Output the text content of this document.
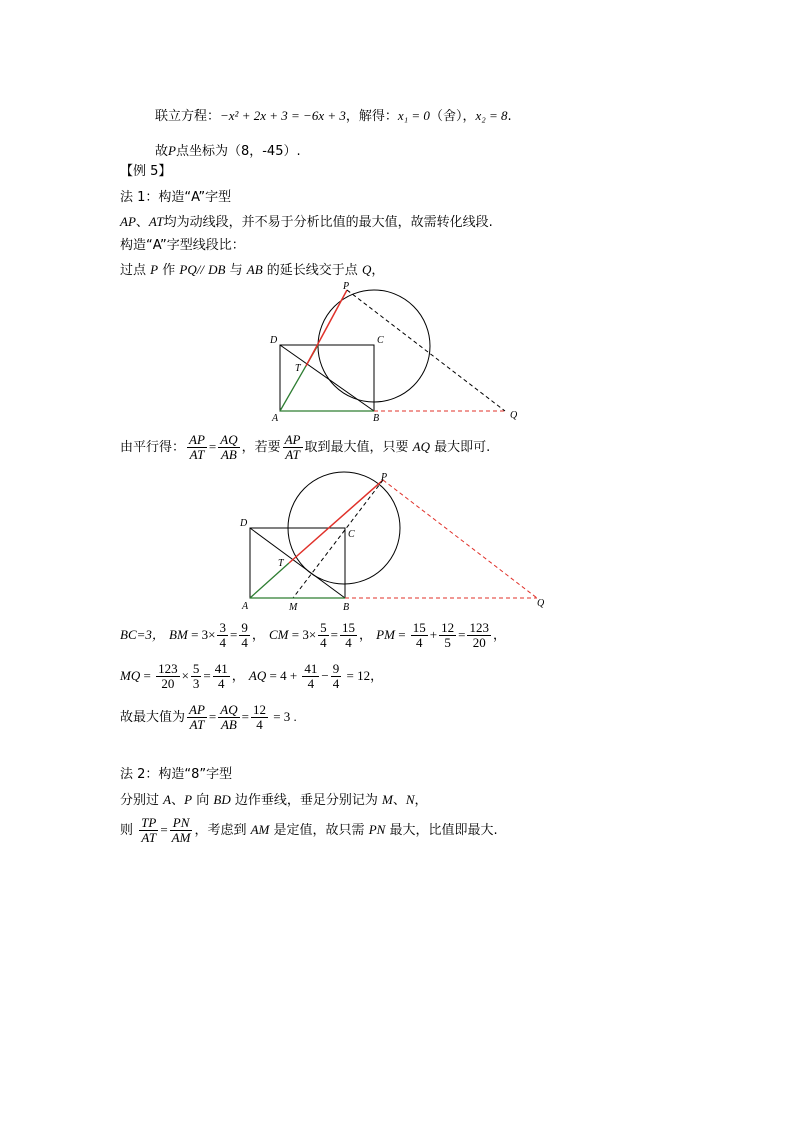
联立方程：−x² + 2x + 3 = −6x + 3，解得：x₁ = 0（舍），x₂ = 8.
故P点坐标为（8，-45）.
【例 5】
法 1：构造“A”字型
AP、AT均为动线段，并不易于分析比值的最大值，故需转化线段.
构造“A”字型线段比：
过点 P 作 PQ// DB 与 AB 的延长线交于点 Q，
P
D	C
T
A	B	Q
由平行得： $\frac{AP}{AT} = \frac{AQ}{AB}$ ，若要 $\frac{AP}{AT}$ 取到最大值，只要 AQ 最大即可.
P
D
C
T
A	M	B	Q
BC=3， BM = $3\times \frac{3}{4} = \frac{9}{4}$ ， CM = $3\times \frac{5}{4} = \frac{15}{4}$ ， PM = $\frac{15}{4} + \frac{12}{5} = \frac{123}{20}$ ，
MQ = $\frac{123}{20} \times \frac{5}{3} = \frac{41}{4}$ ， AQ = $4 + \frac{41}{4} - \frac{9}{4} = 12$，
故最大值为 $\frac{AP}{AT} = \frac{AQ}{AB} = \frac{12}{4} = 3$ .
法 2：构造“8”字型
分别过 A、P 向 BD 边作垂线，垂足分别记为 M、N，
则 $\frac{TP}{AT} = \frac{PN}{AM}$ ，考虑到 AM 是定值，故只需 PN 最大，比值即最大.
